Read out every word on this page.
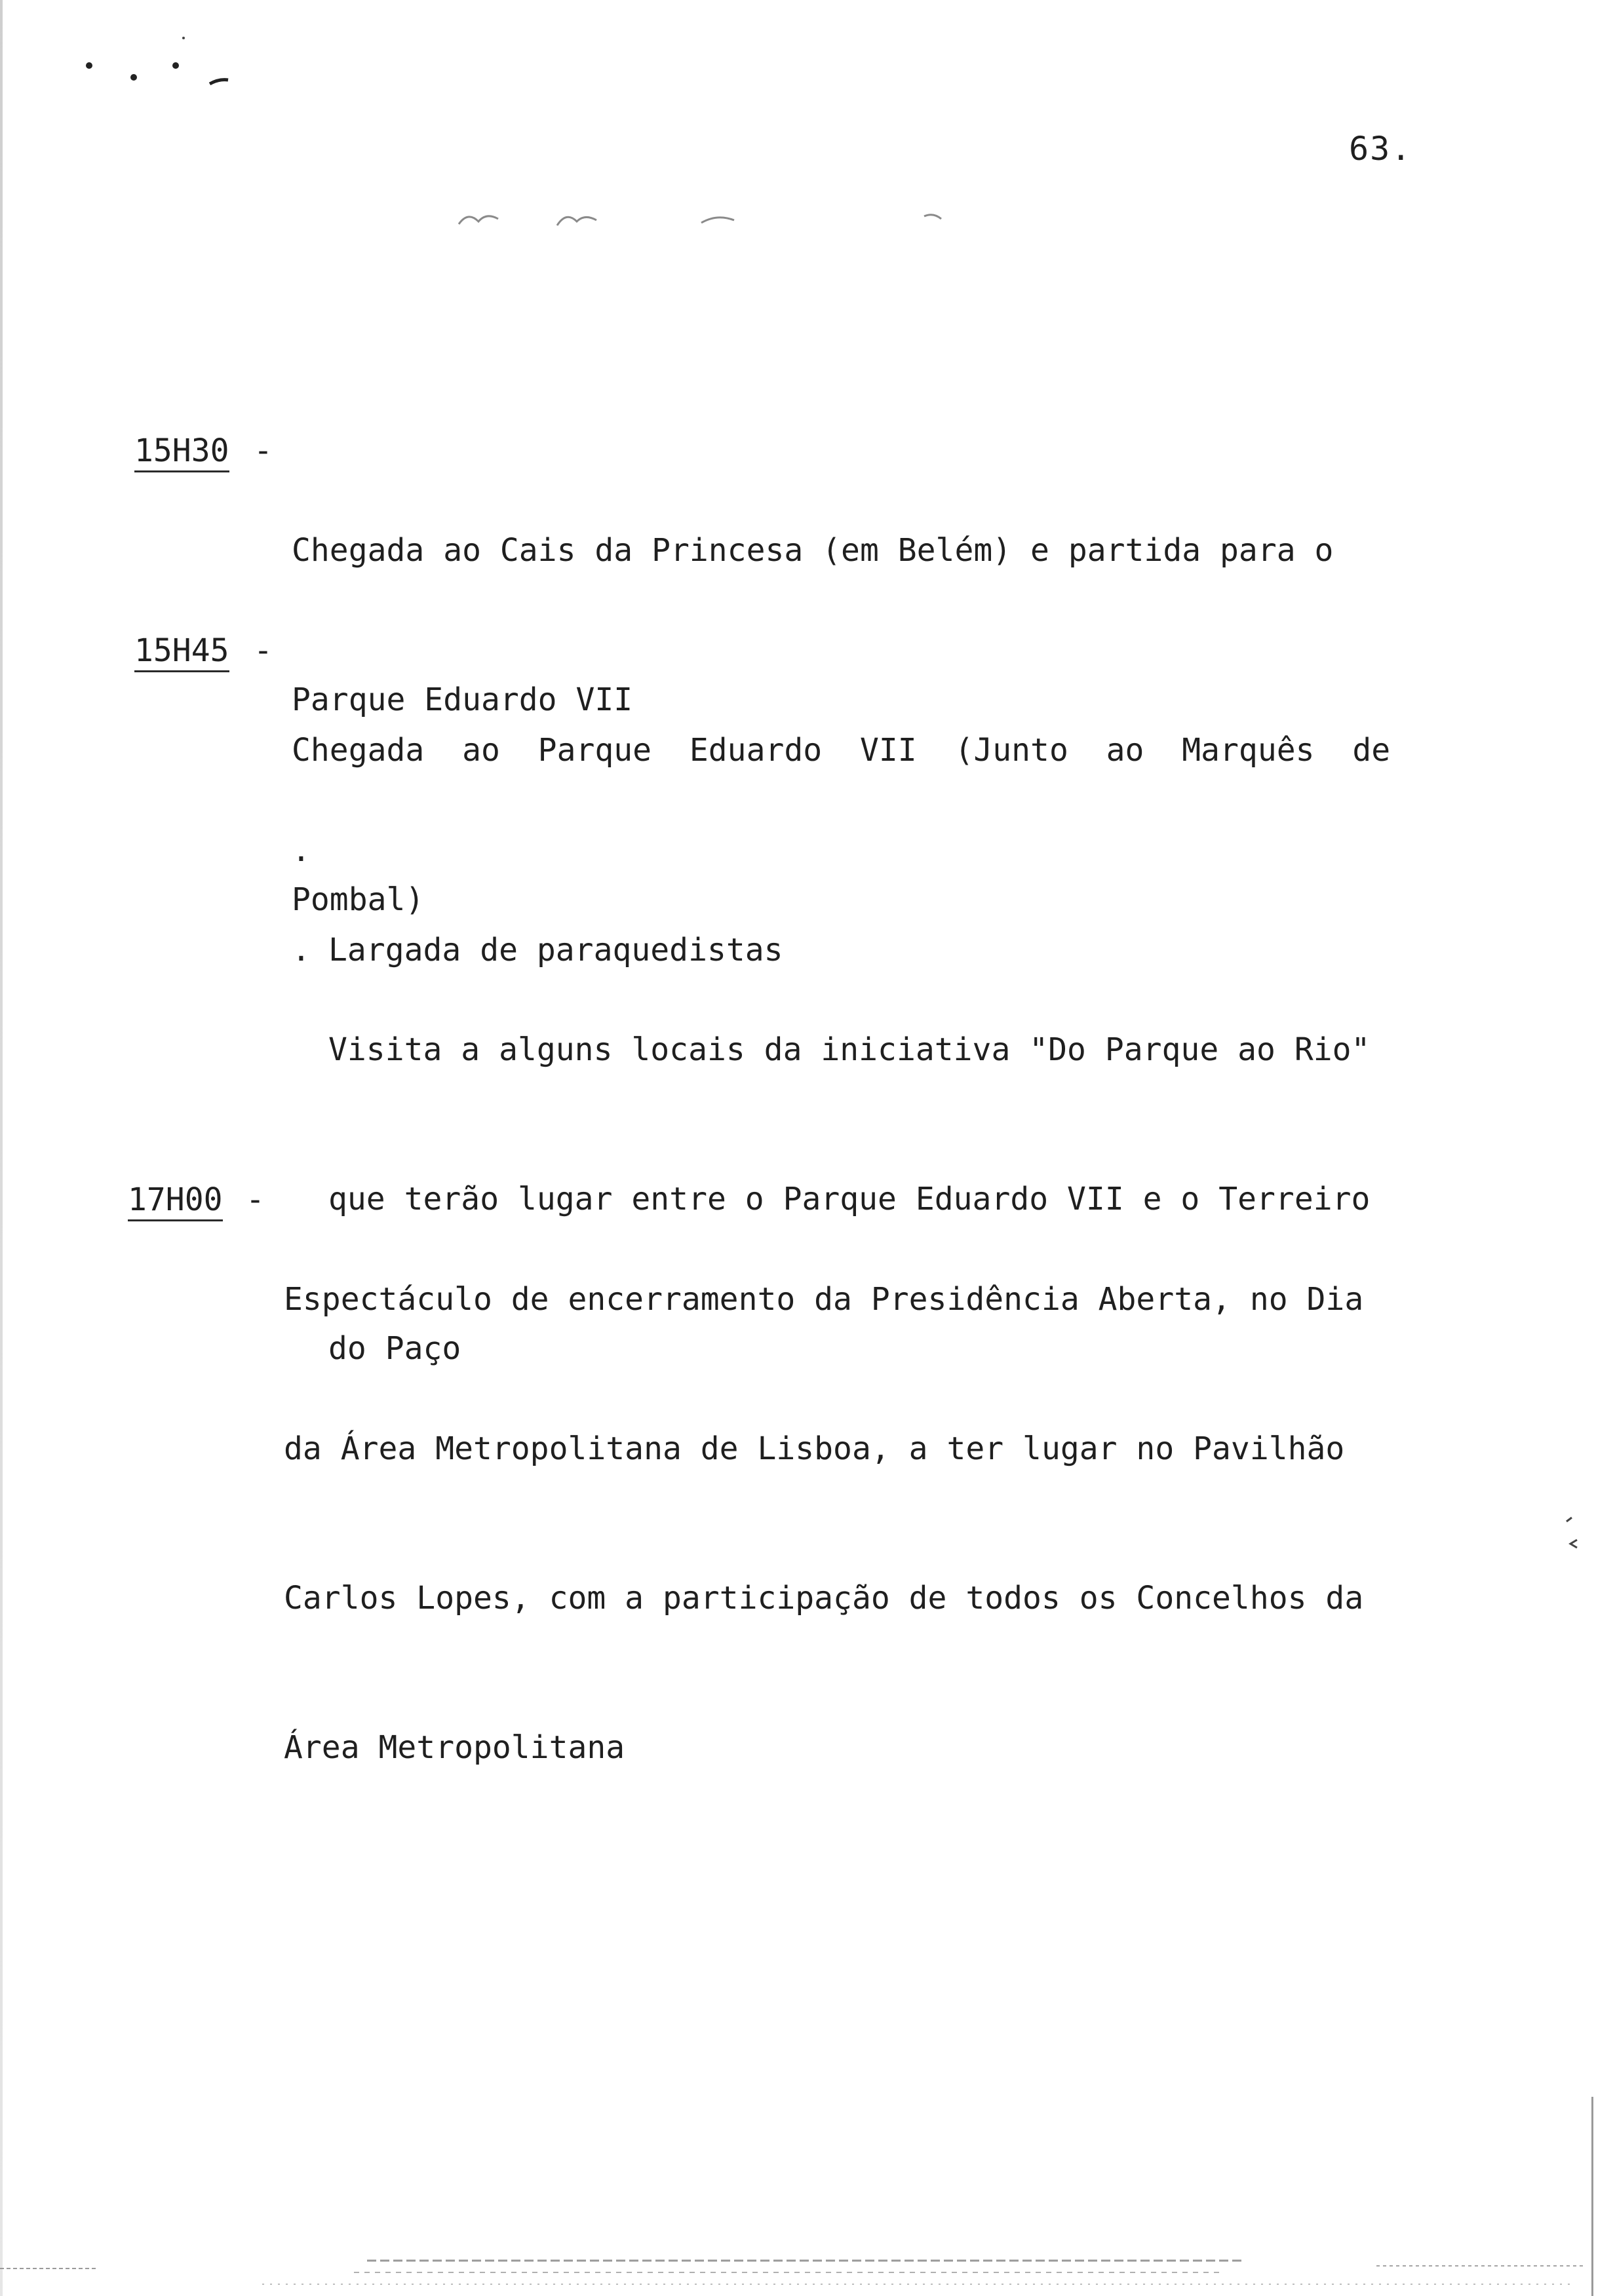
63.
15H30 -

Chegada ao Cais da Princesa (em Belém) e partida para o

Parque Eduardo VII

15H45 -

Chegada  ao  Parque  Eduardo  VII  (Junto  ao  Marquês  de

Pombal)

.

Largada de paraquedistas

.

Visita a alguns locais da iniciativa "Do Parque ao Rio"

que terão lugar entre o Parque Eduardo VII e o Terreiro

do Paço

17H00 -

Espectáculo de encerramento da Presidência Aberta, no Dia

da Área Metropolitana de Lisboa, a ter lugar no Pavilhão

Carlos Lopes, com a participação de todos os Concelhos da

Área Metropolitana
